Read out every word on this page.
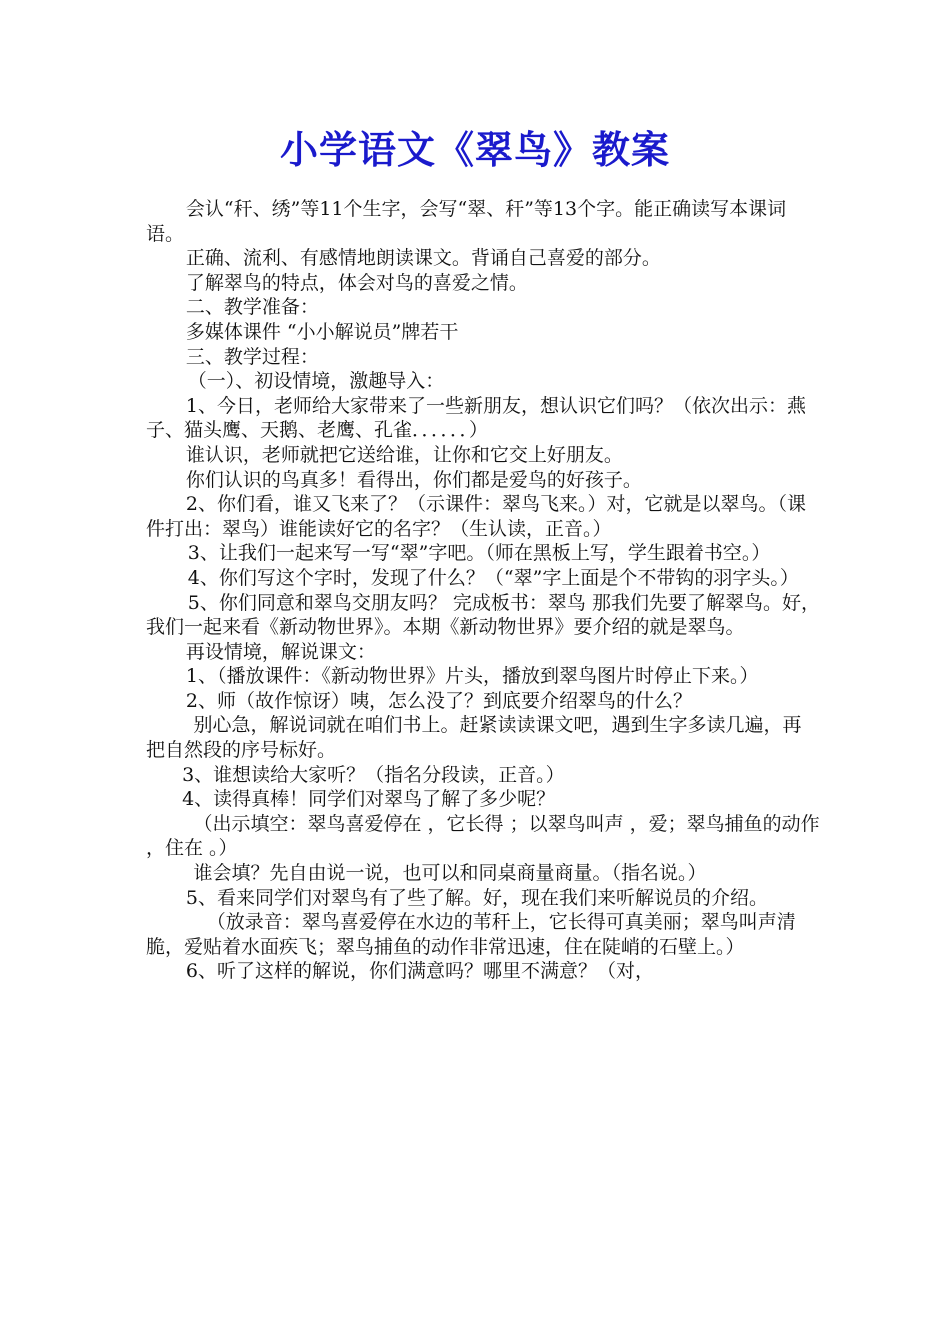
小学语文《翠鸟》教案

会认“秆、绣”等11个生字，会写“翠、秆”等13个字。能正确读写本课词语。

正确、流利、有感情地朗读课文。背诵自己喜爱的部分。

了解翠鸟的特点，体会对鸟的喜爱之情。

二、教学准备：

多媒体课件 “小小解说员”牌若干

三、教学过程：

（一）、初设情境，激趣导入：

1、今日，老师给大家带来了一些新朋友，想认识它们吗？（依次出示：燕子、猫头鹰、天鹅、老鹰、孔雀．．．．．．）

谁认识，老师就把它送给谁，让你和它交上好朋友。

你们认识的鸟真多！看得出，你们都是爱鸟的好孩子。

2、你们看，谁又飞来了？（示课件：翠鸟飞来。）对，它就是以翠鸟。（课件打出：翠鸟）谁能读好它的名字？（生认读，正音。）

3、让我们一起来写一写“翠”字吧。（师在黑板上写，学生跟着书空。）

4、你们写这个字时，发现了什么？（“翠”字上面是个不带钩的羽字头。）

5、你们同意和翠鸟交朋友吗？ 完成板书：翠鸟 那我们先要了解翠鸟。好，我们一起来看《新动物世界》。本期《新动物世界》要介绍的就是翠鸟。

再设情境，解说课文：

1、（播放课件：《新动物世界》片头，播放到翠鸟图片时停止下来。）

2、师（故作惊讶）咦，怎么没了？到底要介绍翠鸟的什么？

别心急，解说词就在咱们书上。赶紧读读课文吧，遇到生字多读几遍，再把自然段的序号标好。

3、谁想读给大家听？（指名分段读，正音。）

4、读得真棒！同学们对翠鸟了解了多少呢？

（出示填空：翠鸟喜爱停在 ，它长得 ；以翠鸟叫声 ，爱；翠鸟捕鱼的动作 ，住在 。）

谁会填？先自由说一说，也可以和同桌商量商量。（指名说。）

5、看来同学们对翠鸟有了些了解。好，现在我们来听解说员的介绍。

（放录音：翠鸟喜爱停在水边的苇秆上，它长得可真美丽；翠鸟叫声清脆，爱贴着水面疾飞；翠鸟捕鱼的动作非常迅速，住在陡峭的石壁上。）

6、听了这样的解说，你们满意吗？哪里不满意？（对，
